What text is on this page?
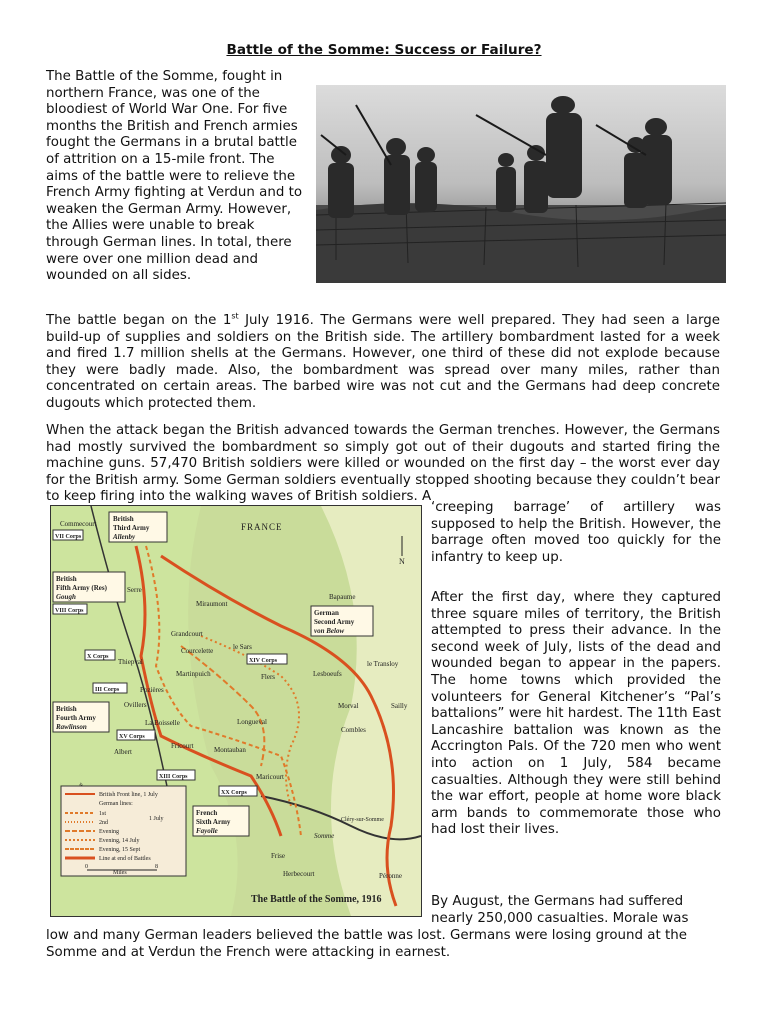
Battle of the Somme: Success or Failure?

The Battle of the Somme, fought in northern France, was one of the bloodiest of World War One. For five months the British and French armies fought the Germans in a brutal battle of attrition on a 15-mile front. The aims of the battle were to relieve the French Army fighting at Verdun and to weaken the German Army. However, the Allies were unable to break through German lines. In total, there were over one million dead and wounded on all sides.

The battle began on the 1st July 1916. The Germans were well prepared. They had seen a large build-up of supplies and soldiers on the British side. The artillery bombardment lasted for a week and fired 1.7 million shells at the Germans. However, one third of these did not explode because they were badly made. Also, the bombardment was spread over many miles, rather than concentrated on certain areas. The barbed wire was not cut and the Germans had deep concrete dugouts which protected them.

When the attack began the British advanced towards the German trenches. However, the Germans had mostly survived the bombardment so simply got out of their dugouts and started firing the machine guns. 57,470 British soldiers were killed or wounded on the first day – the worst ever day for the British army. Some German soldiers eventually stopped shooting because they couldn’t bear to keep firing into the walking waves of British soldiers. A

‘creeping barrage’ of artillery was supposed to help the British. However, the barrage often moved too quickly for the infantry to keep up.

Commecourt
Serre
Miraumont
Bapaume
Grandcourt
Courcelette	le Sars
Thiepval
Martinpuich	Flers	Lesboeufs
le Transloy
Pozières
Morval	Sailly
Ovillers
La Boisselle	Longueval
Combles
Albert
Fricourt	Montauban
Maricourt
Cléry-sur-Somme
Somme
Frise
Herbecourt	Péronne
FRANCE
N
British
Third Army
Allenby
British
Fifth Army (Res)
Gough
British
Fourth Army
Rawlinson
German
Second Army
von Below
French
Sixth Army
Fayolle
VII Corps
VIII Corps
X Corps
III Corps
XV Corps
XIII Corps
XIV Corps
XX Corps
British Front line, 1 July
German lines:
1st
2nd
1 July
Evening
Evening, 14 July
Evening, 15 Sept
Line at end of Battles
0	8
Miles
The Battle of the Somme, 1916

After the first day, where they captured three square miles of territory, the British attempted to press their advance. In the second week of July, lists of the dead and wounded began to appear in the papers. The home towns which provided the volunteers for General Kitchener’s “Pal’s battalions” were hit hardest. The 11th East Lancashire battalion was known as the Accrington Pals. Of the 720 men who went into action on 1 July, 584 became casualties. Although they were still behind the war effort, people at home wore black arm bands to commemorate those who had lost their lives.

By August, the Germans had suffered nearly 250,000 casualties. Morale was

low and many German leaders believed the battle was lost. Germans were losing ground at the Somme and at Verdun the French were attacking in earnest.
